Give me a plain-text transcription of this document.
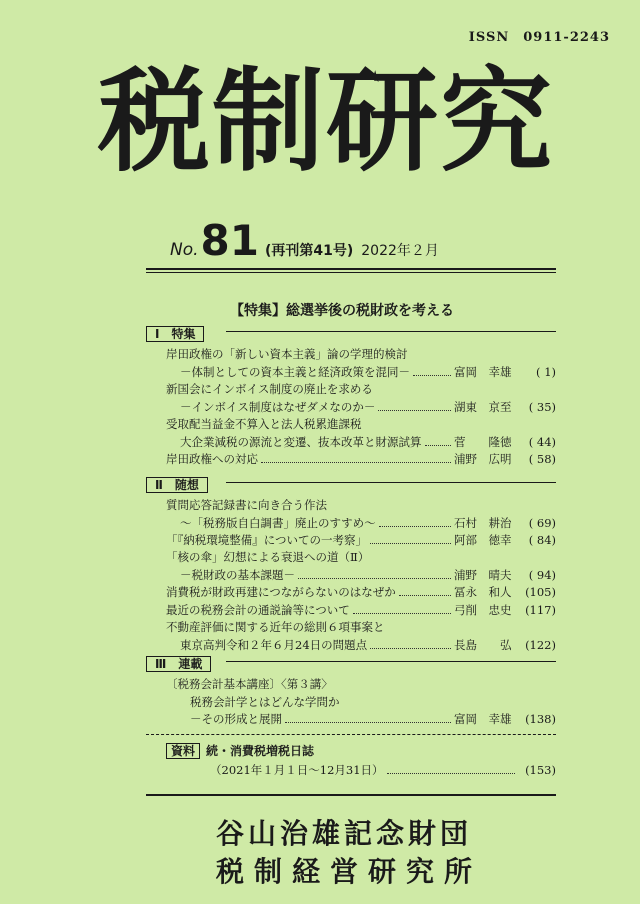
ISSN　0911-2243
税制研究
No.81 (再刊第41号) 2022年２月
【特集】総選挙後の税財政を考える
Ⅰ　特集
岸田政権の「新しい資本主義」論の学理的検討
－体制としての資本主義と経済政策を混同－	富岡　幸雄	( 1)
新国会にインボイス制度の廃止を求める
－インボイス制度はなぜダメなのか－	湖東　京至	( 35)
受取配当益金不算入と法人税累進課税
大企業減税の源流と変遷、抜本改革と財源試算	菅　　隆徳	( 44)
岸田政権への対応	浦野　広明	( 58)
Ⅱ　随想
質問応答記録書に向き合う作法
～「税務版自白調書」廃止のすすめ～	石村　耕治	( 69)
「『納税環境整備』についての一考察」	阿部　徳幸	( 84)
「核の傘」幻想による衰退への道（Ⅱ）
－税財政の基本課題－	浦野　晴夫	( 94)
消費税が財政再建につながらないのはなぜか	冨永　和人	(105)
最近の税務会計の通説論等について	弓削　忠史	(117)
不動産評価に関する近年の総則６項事案と
東京高判令和２年６月24日の問題点	長島　　弘	(122)
Ⅲ　連載
〔税務会計基本講座〕〈第３講〉
税務会計学とはどんな学問か
－その形成と展開	富岡　幸雄	(138)
資料 続・消費税増税日誌
（2021年１月１日～12月31日）	(153)
谷山治雄記念財団
税制経営研究所
